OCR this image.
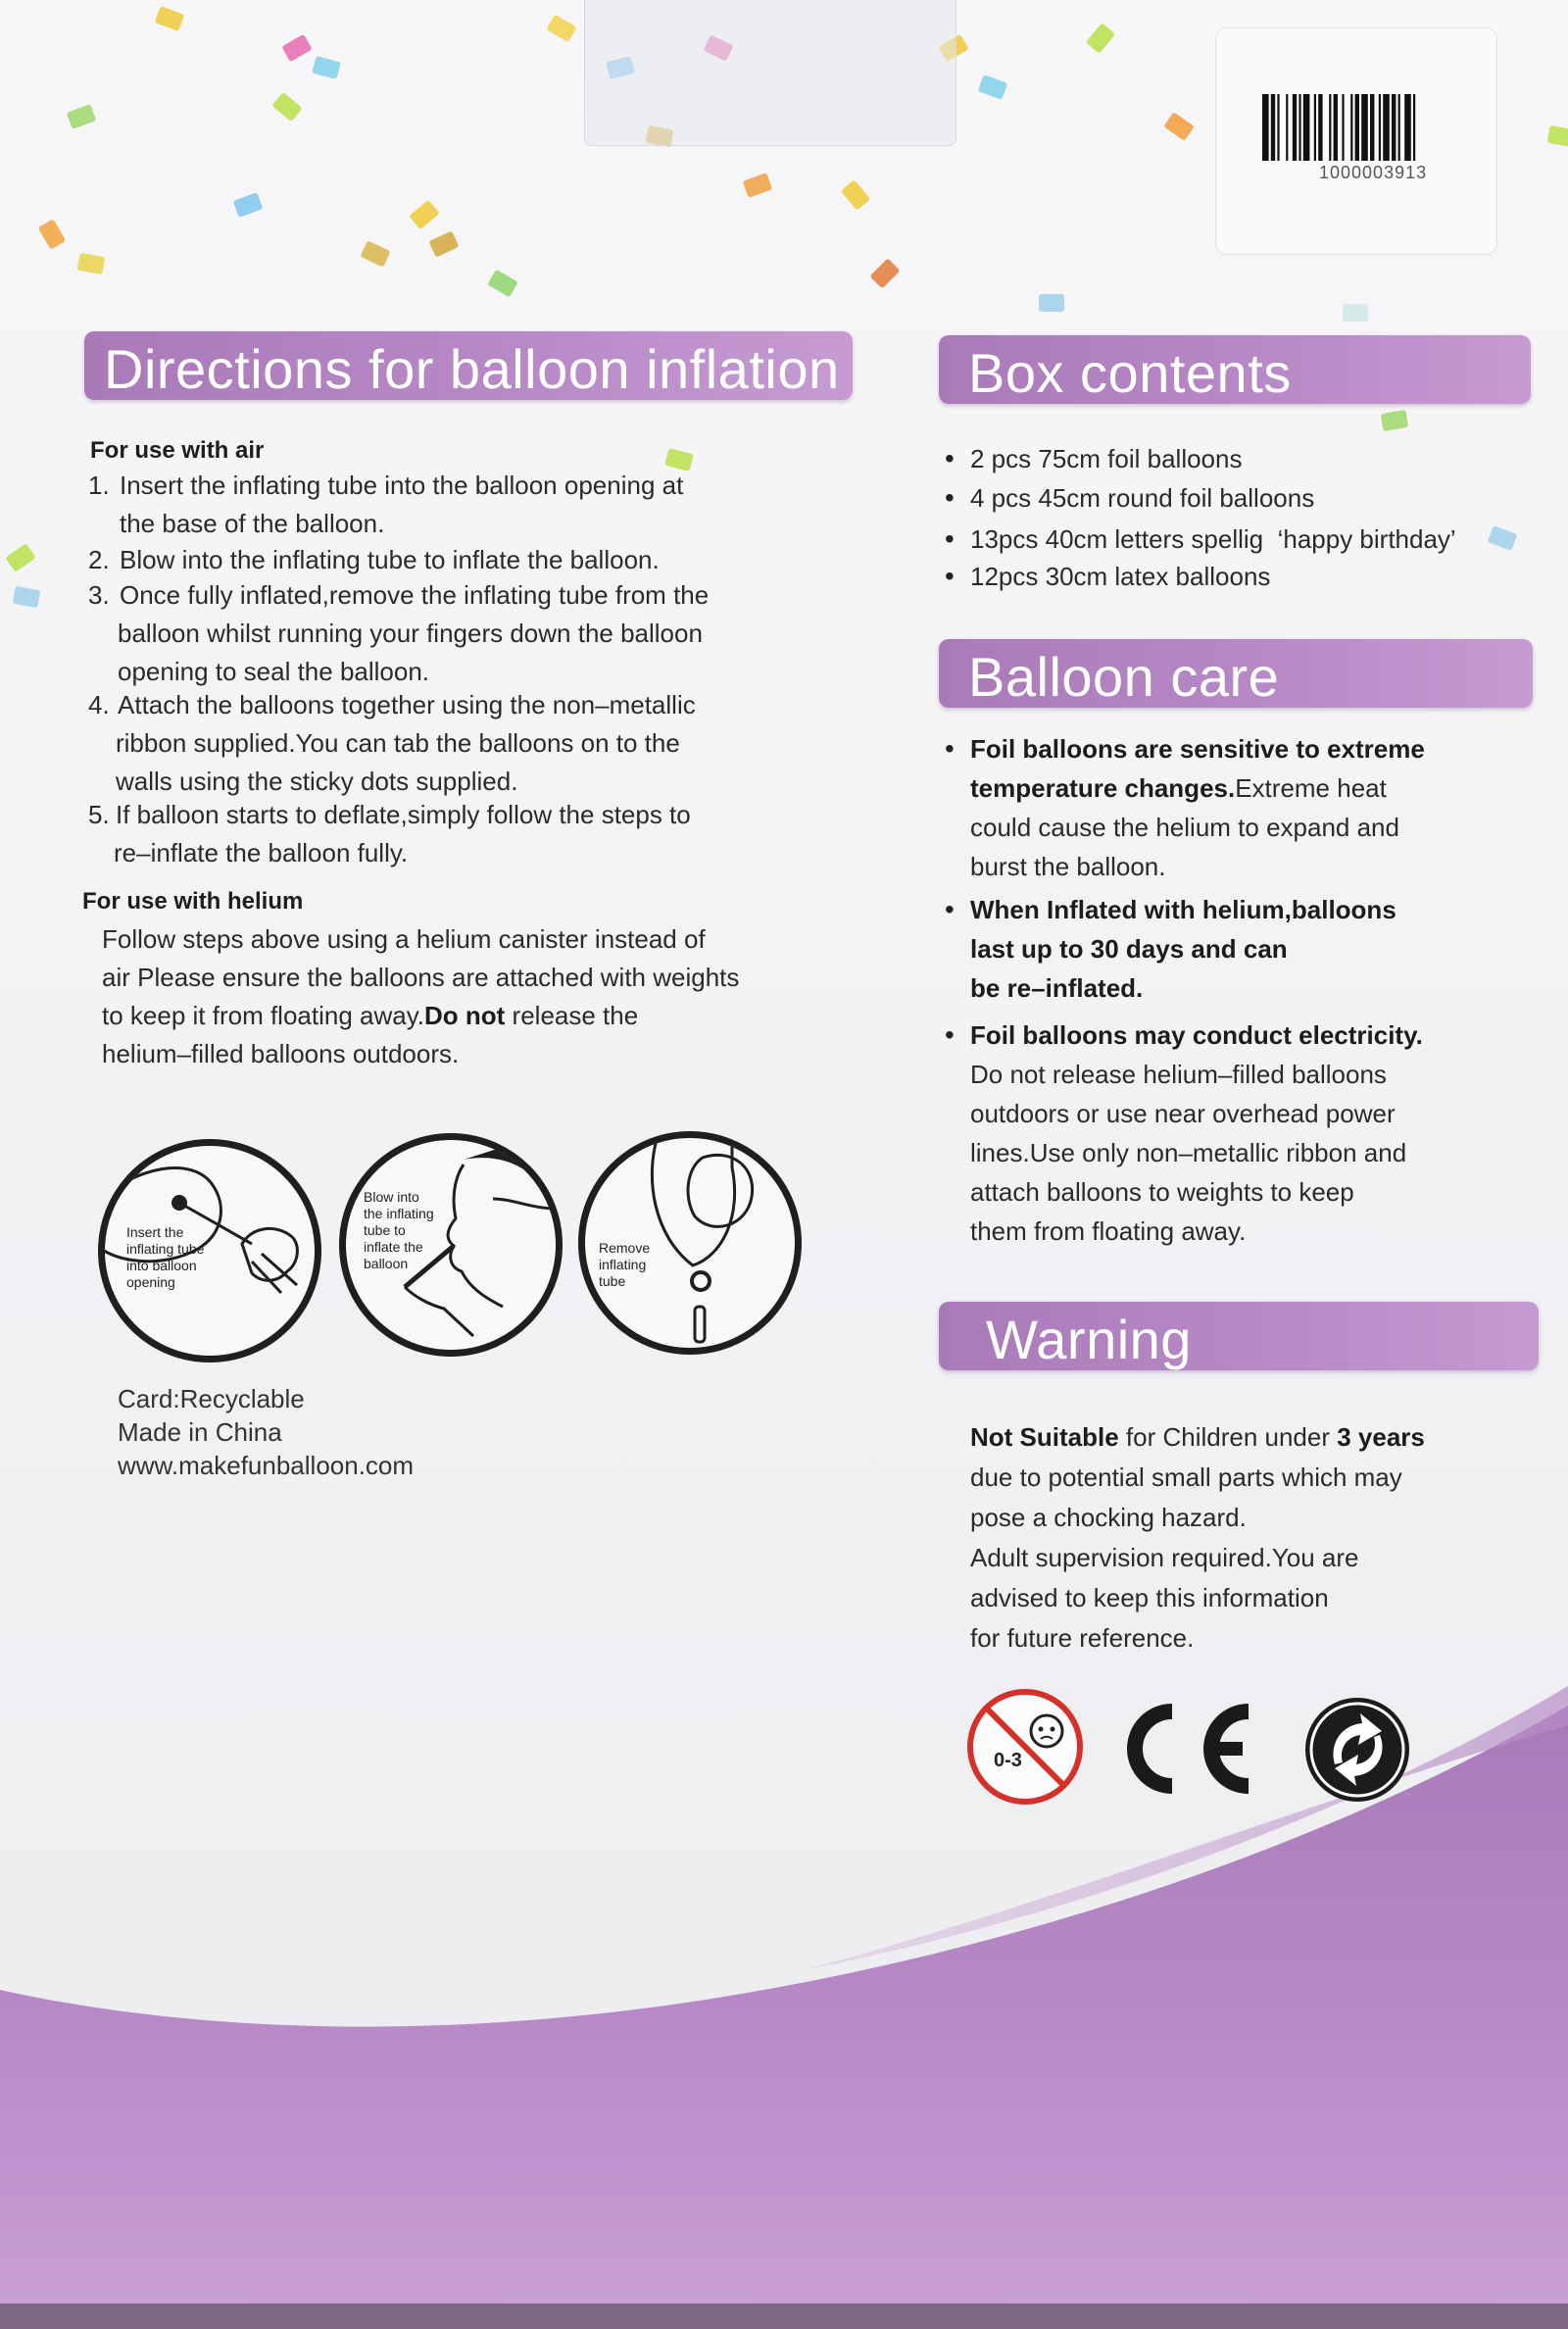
1000003913
Directions for balloon inflation
For use with air
1. Insert the inflating tube into the balloon opening at
the base of the balloon.
2. Blow into the inflating tube to inflate the balloon.
3. Once fully inflated,remove the inflating tube from the
balloon whilst running your fingers down the balloon
opening to seal the balloon.
4. Attach the balloons together using the non–metallic
ribbon supplied.You can tab the balloons on to the
walls using the sticky dots supplied.
5. If balloon starts to deflate,simply follow the steps to
re–inflate the balloon fully.
For use with helium
Follow steps above using a helium canister instead of
air Please ensure the balloons are attached with weights
to keep it from floating away.Do not release the
helium–filled balloons outdoors.
Insert the
inflating tube
into balloon
opening
Blow into
the inflating
tube to
inflate the
balloon
Remove
inflating
tube
Card:Recyclable
Made in China
www.makefunballoon.com
Box contents
• 2 pcs 75cm foil balloons
• 4 pcs 45cm round foil balloons
• 13pcs 40cm letters spellig  ‘happy birthday’
• 12pcs 30cm latex balloons
Balloon care
• Foil balloons are sensitive to extreme
temperature changes.Extreme heat
could cause the helium to expand and
burst the balloon.
• When Inflated with helium,balloons
last up to 30 days and can
be re–inflated.
• Foil balloons may conduct electricity.
Do not release helium–filled balloons
outdoors or use near overhead power
lines.Use only non–metallic ribbon and
attach balloons to weights to keep
them from floating away.
Warning
Not Suitable for Children under 3 years
due to potential small parts which may
pose a chocking hazard.
Adult supervision required.You are
advised to keep this information
for future reference.
0-3
